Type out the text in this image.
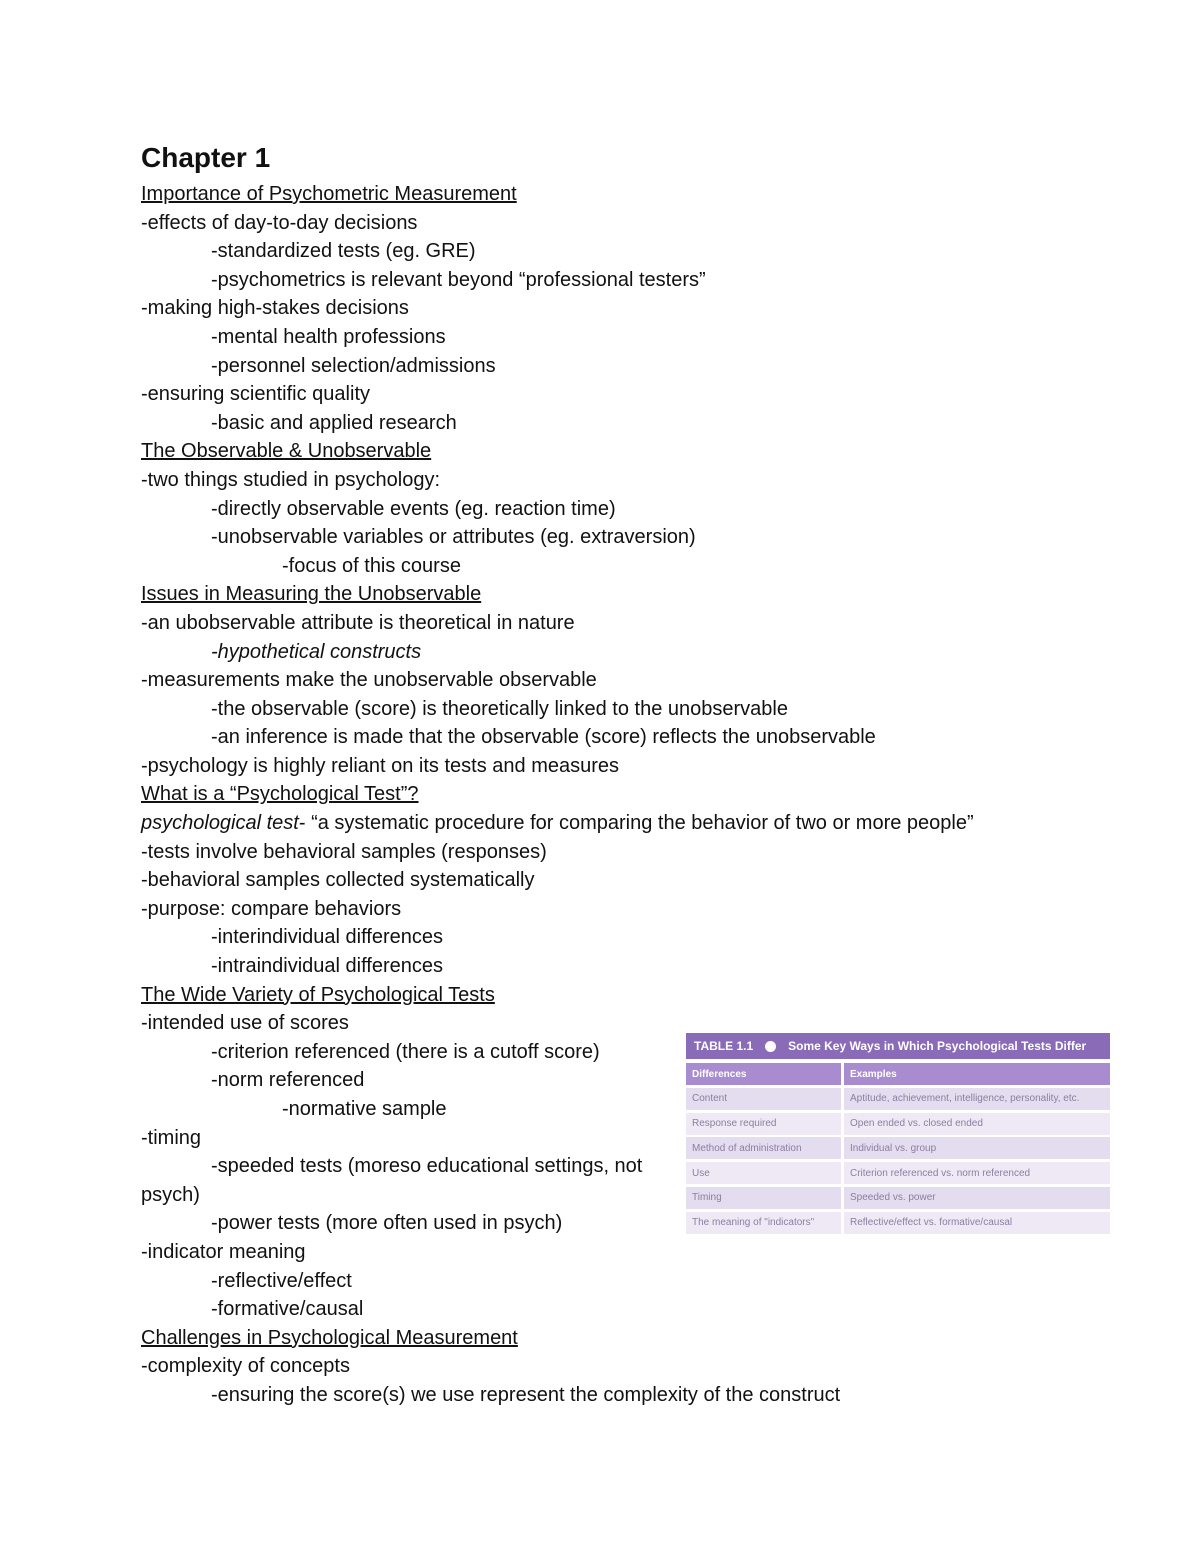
Chapter 1
Importance of Psychometric Measurement
-effects of day-to-day decisions
-standardized tests (eg. GRE)
-psychometrics is relevant beyond “professional testers”
-making high-stakes decisions
-mental health professions
-personnel selection/admissions
-ensuring scientific quality
-basic and applied research
The Observable & Unobservable
-two things studied in psychology:
-directly observable events (eg. reaction time)
-unobservable variables or attributes (eg. extraversion)
-focus of this course
Issues in Measuring the Unobservable
-an ubobservable attribute is theoretical in nature
-hypothetical constructs
-measurements make the unobservable observable
-the observable (score) is theoretically linked to the unobservable
-an inference is made that the observable (score) reflects the unobservable
-psychology is highly reliant on its tests and measures
What is a “Psychological Test”?
psychological test- “a systematic procedure for comparing the behavior of two or more people”
-tests involve behavioral samples (responses)
-behavioral samples collected systematically
-purpose: compare behaviors
-interindividual differences
-intraindividual differences
The Wide Variety of Psychological Tests
-intended use of scores
-criterion referenced (there is a cutoff score)
-norm referenced
-normative sample
-timing
-speeded tests (moreso educational settings, not
psych)
-power tests (more often used in psych)
-indicator meaning
-reflective/effect
-formative/causal
Challenges in Psychological Measurement
-complexity of concepts
-ensuring the score(s) we use represent the complexity of the construct
TABLE 1.1	Some Key Ways in Which Psychological Tests Differ
Differences	Examples
Content	Aptitude, achievement, intelligence, personality, etc.
Response required	Open ended vs. closed ended
Method of administration	Individual vs. group
Use	Criterion referenced vs. norm referenced
Timing	Speeded vs. power
The meaning of "indicators"	Reflective/effect vs. formative/causal
